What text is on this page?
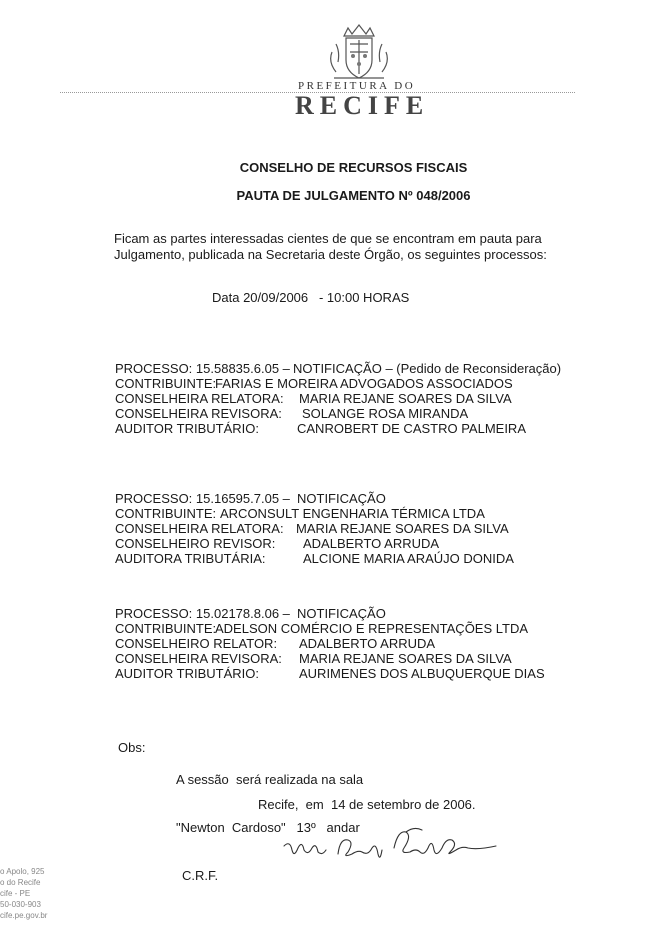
PREFEITURA DO
RECIFE
CONSELHO DE RECURSOS FISCAIS
PAUTA DE JULGAMENTO Nº 048/2006
Ficam as partes interessadas cientes de que se encontram em pauta para Julgamento, publicada na Secretaria deste Órgão, os seguintes processos:
Data 20/09/2006   - 10:00 HORAS
PROCESSO: 15.58835.6.05 – NOTIFICAÇÃO – (Pedido de Reconsideração)
CONTRIBUINTE:
FARIAS E MOREIRA ADVOGADOS ASSOCIADOS
CONSELHEIRA RELATORA: MARIA REJANE SOARES DA SILVA
CONSELHEIRA REVISORA: SOLANGE ROSA MIRANDA
AUDITOR TRIBUTÁRIO:	CANROBERT DE CASTRO PALMEIRA
PROCESSO: 15.16595.7.05 – NOTIFICAÇÃO
CONTRIBUINTE: ARCONSULT ENGENHARIA TÉRMICA LTDA
CONSELHEIRA RELATORA: MARIA REJANE SOARES DA SILVA
CONSELHEIRO REVISOR: ADALBERTO ARRUDA
AUDITORA TRIBUTÁRIA:	ALCIONE MARIA ARAÚJO DONIDA
PROCESSO: 15.02178.8.06 – NOTIFICAÇÃO
CONTRIBUINTE:
ADELSON COMÉRCIO E REPRESENTAÇÕES LTDA
CONSELHEIRO RELATOR: ADALBERTO ARRUDA
CONSELHEIRA REVISORA: MARIA REJANE SOARES DA SILVA
AUDITOR TRIBUTÁRIO:	AURIMENES DOS ALBUQUERQUE DIAS
Obs:

A sessão  será realizada na sala

"Newton  Cardoso"   13º   andar

C.R.F.

Recife,  em  14 de setembro de 2006.
o Apolo, 925
o do Recife
cife - PE
50-030-903
cife.pe.gov.br
